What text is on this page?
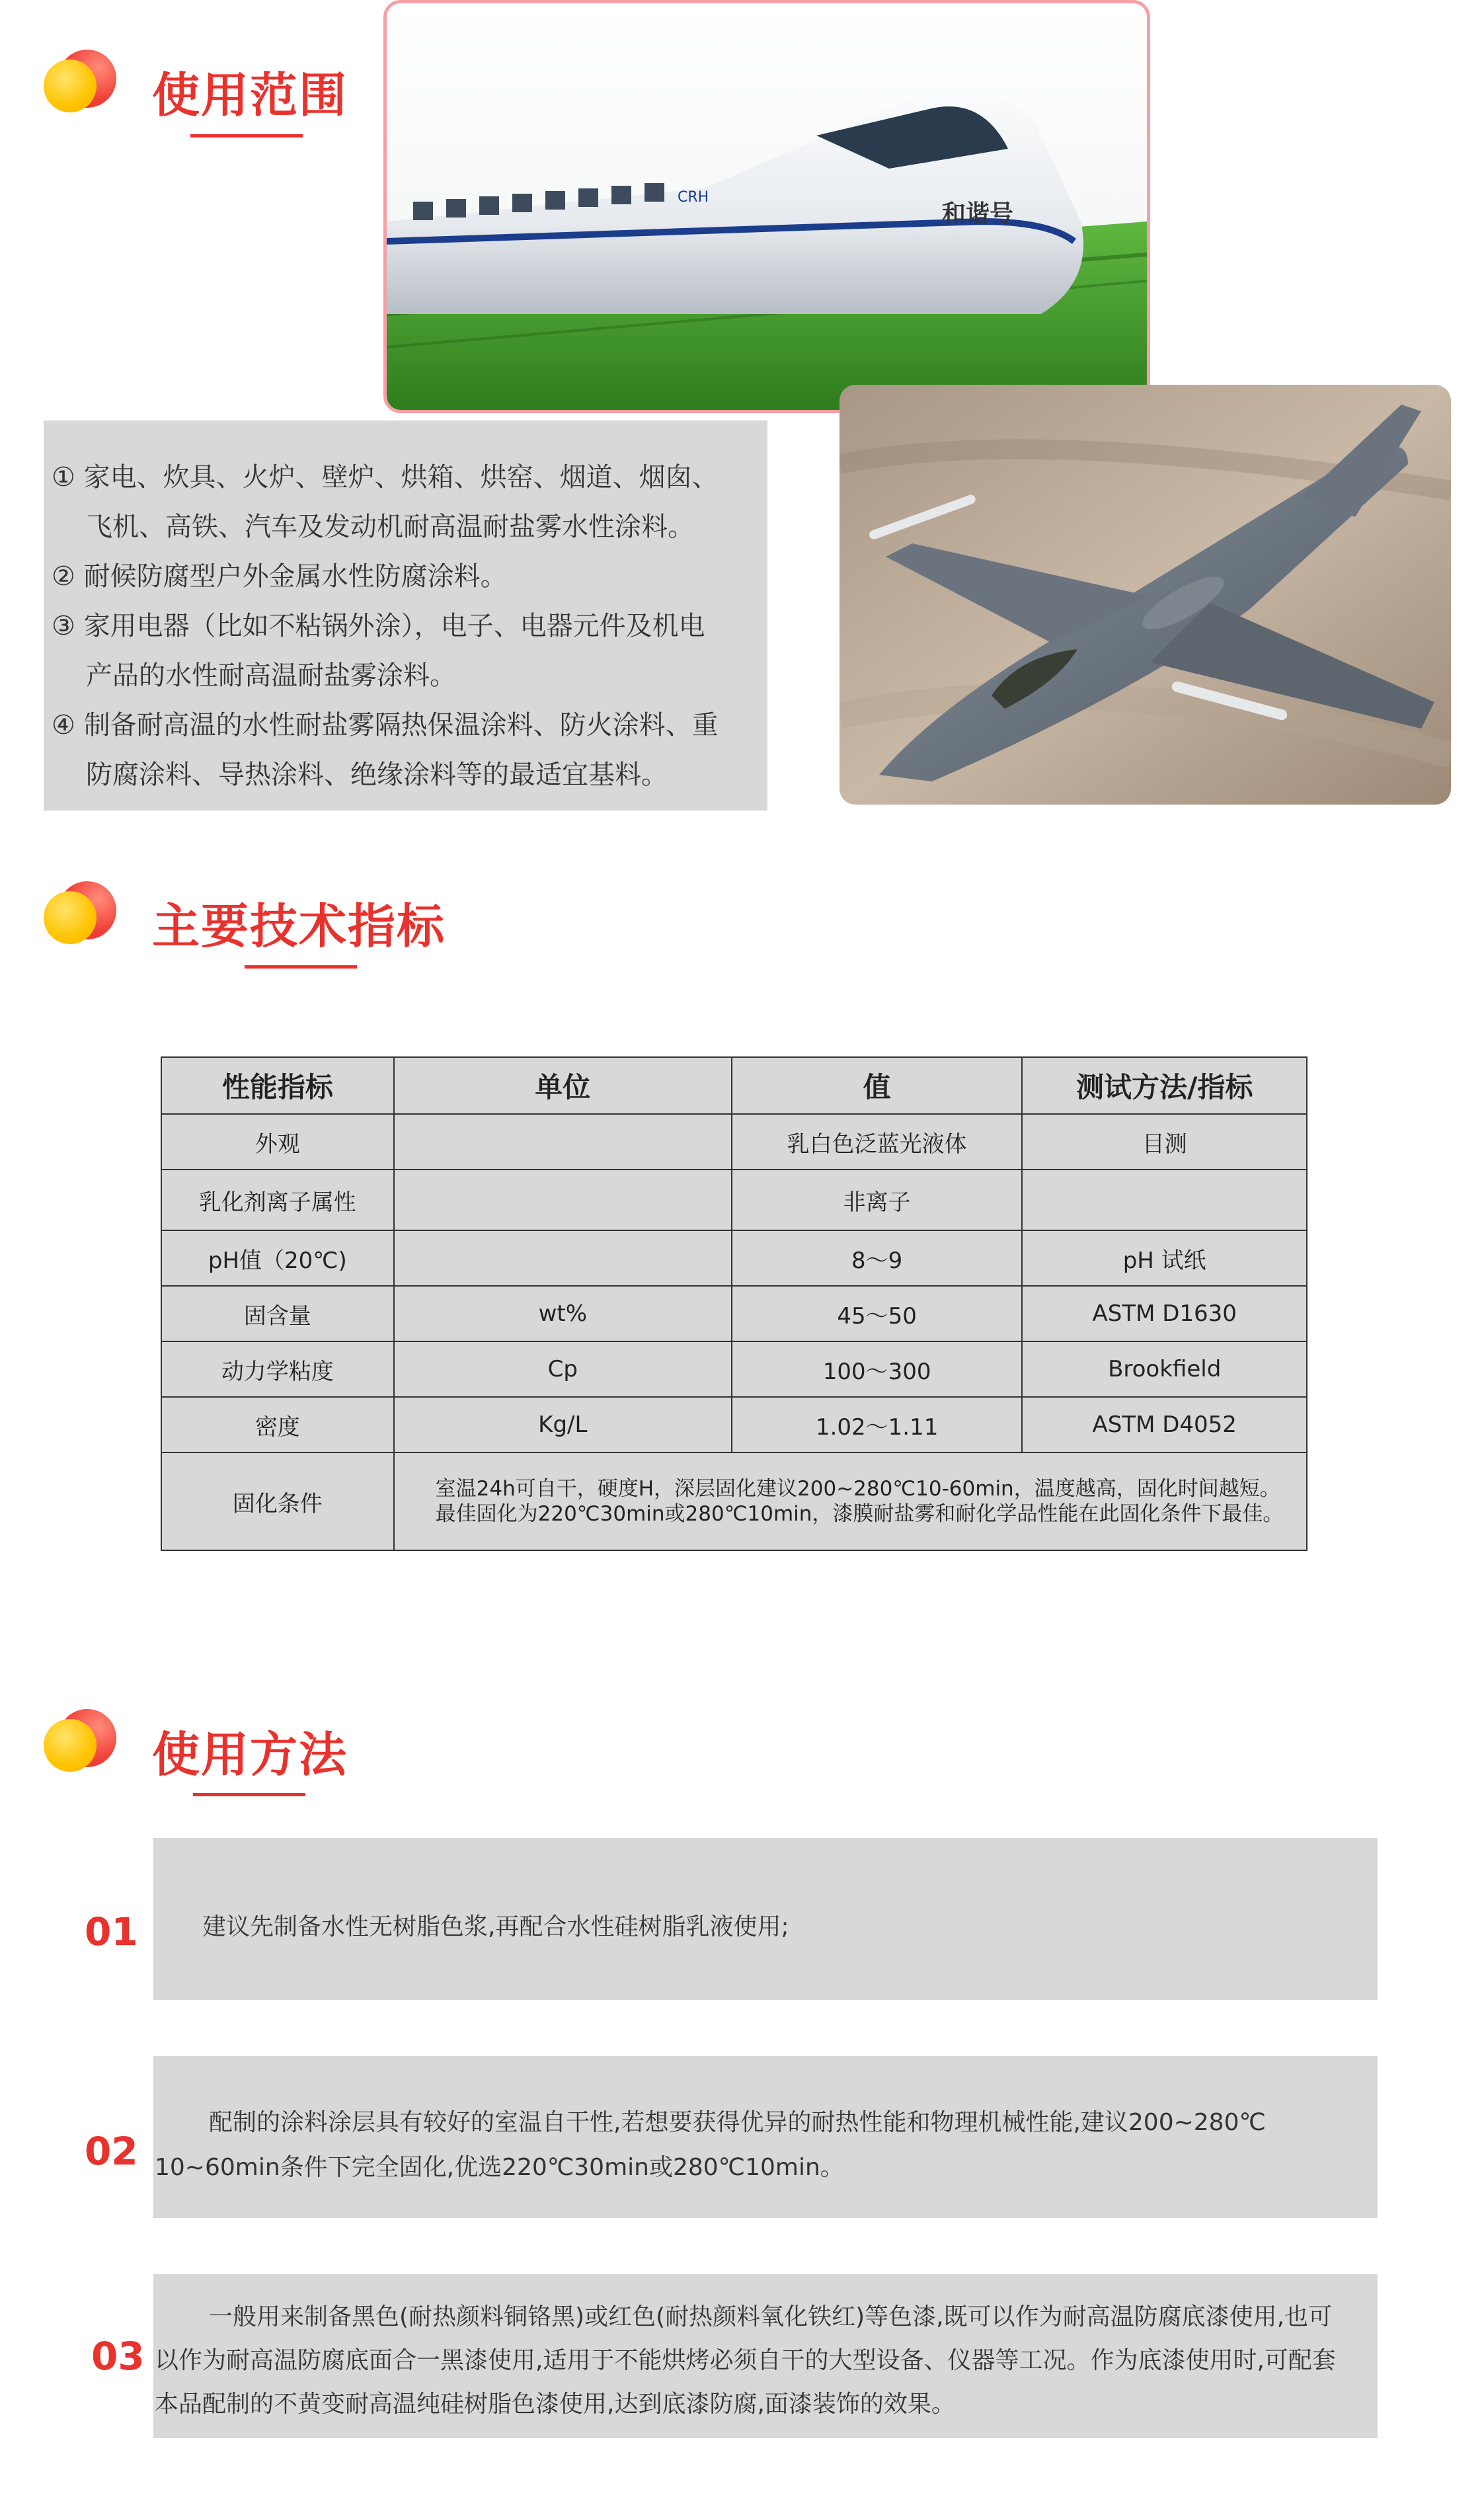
使用范围
CRH
和谐号
① 家电、炊具、火炉、壁炉、烘箱、烘窑、烟道、烟囱、
飞机、高铁、汽车及发动机耐高温耐盐雾水性涂料。
② 耐候防腐型户外金属水性防腐涂料。
③ 家用电器（比如不粘锅外涂），电子、电器元件及机电
产品的水性耐高温耐盐雾涂料。
④ 制备耐高温的水性耐盐雾隔热保温涂料、防火涂料、重
防腐涂料、导热涂料、绝缘涂料等的最适宜基料。
主要技术指标
性能指标	单位	值	测试方法/指标
外观		乳白色泛蓝光液体	目测
乳化剂离子属性		非离子	
pH值（20℃)		8～9	pH 试纸
固含量	wt%	45～50	ASTM D1630
动力学粘度	Cp	100～300	Brookfield
密度	Kg/L	1.02～1.11	ASTM D4052
固化条件	室温24h可自干，硬度H，深层固化建议200~280℃10-60min，温度越高，固化时间越短。
最佳固化为220℃30min或280℃10min，漆膜耐盐雾和耐化学品性能在此固化条件下最佳。		
使用方法
01	建议先制备水性无树脂色浆,再配合水性硅树脂乳液使用;
02
配制的涂料涂层具有较好的室温自干性,若想要获得优异的耐热性能和物理机械性能,建议200~280℃
10~60min条件下完全固化,优选220℃30min或280℃10min。
03
一般用来制备黑色(耐热颜料铜铬黑)或红色(耐热颜料氧化铁红)等色漆,既可以作为耐高温防腐底漆使用,也可
以作为耐高温防腐底面合一黑漆使用,适用于不能烘烤必须自干的大型设备、仪器等工况。作为底漆使用时,可配套
本品配制的不黄变耐高温纯硅树脂色漆使用,达到底漆防腐,面漆装饰的效果。
